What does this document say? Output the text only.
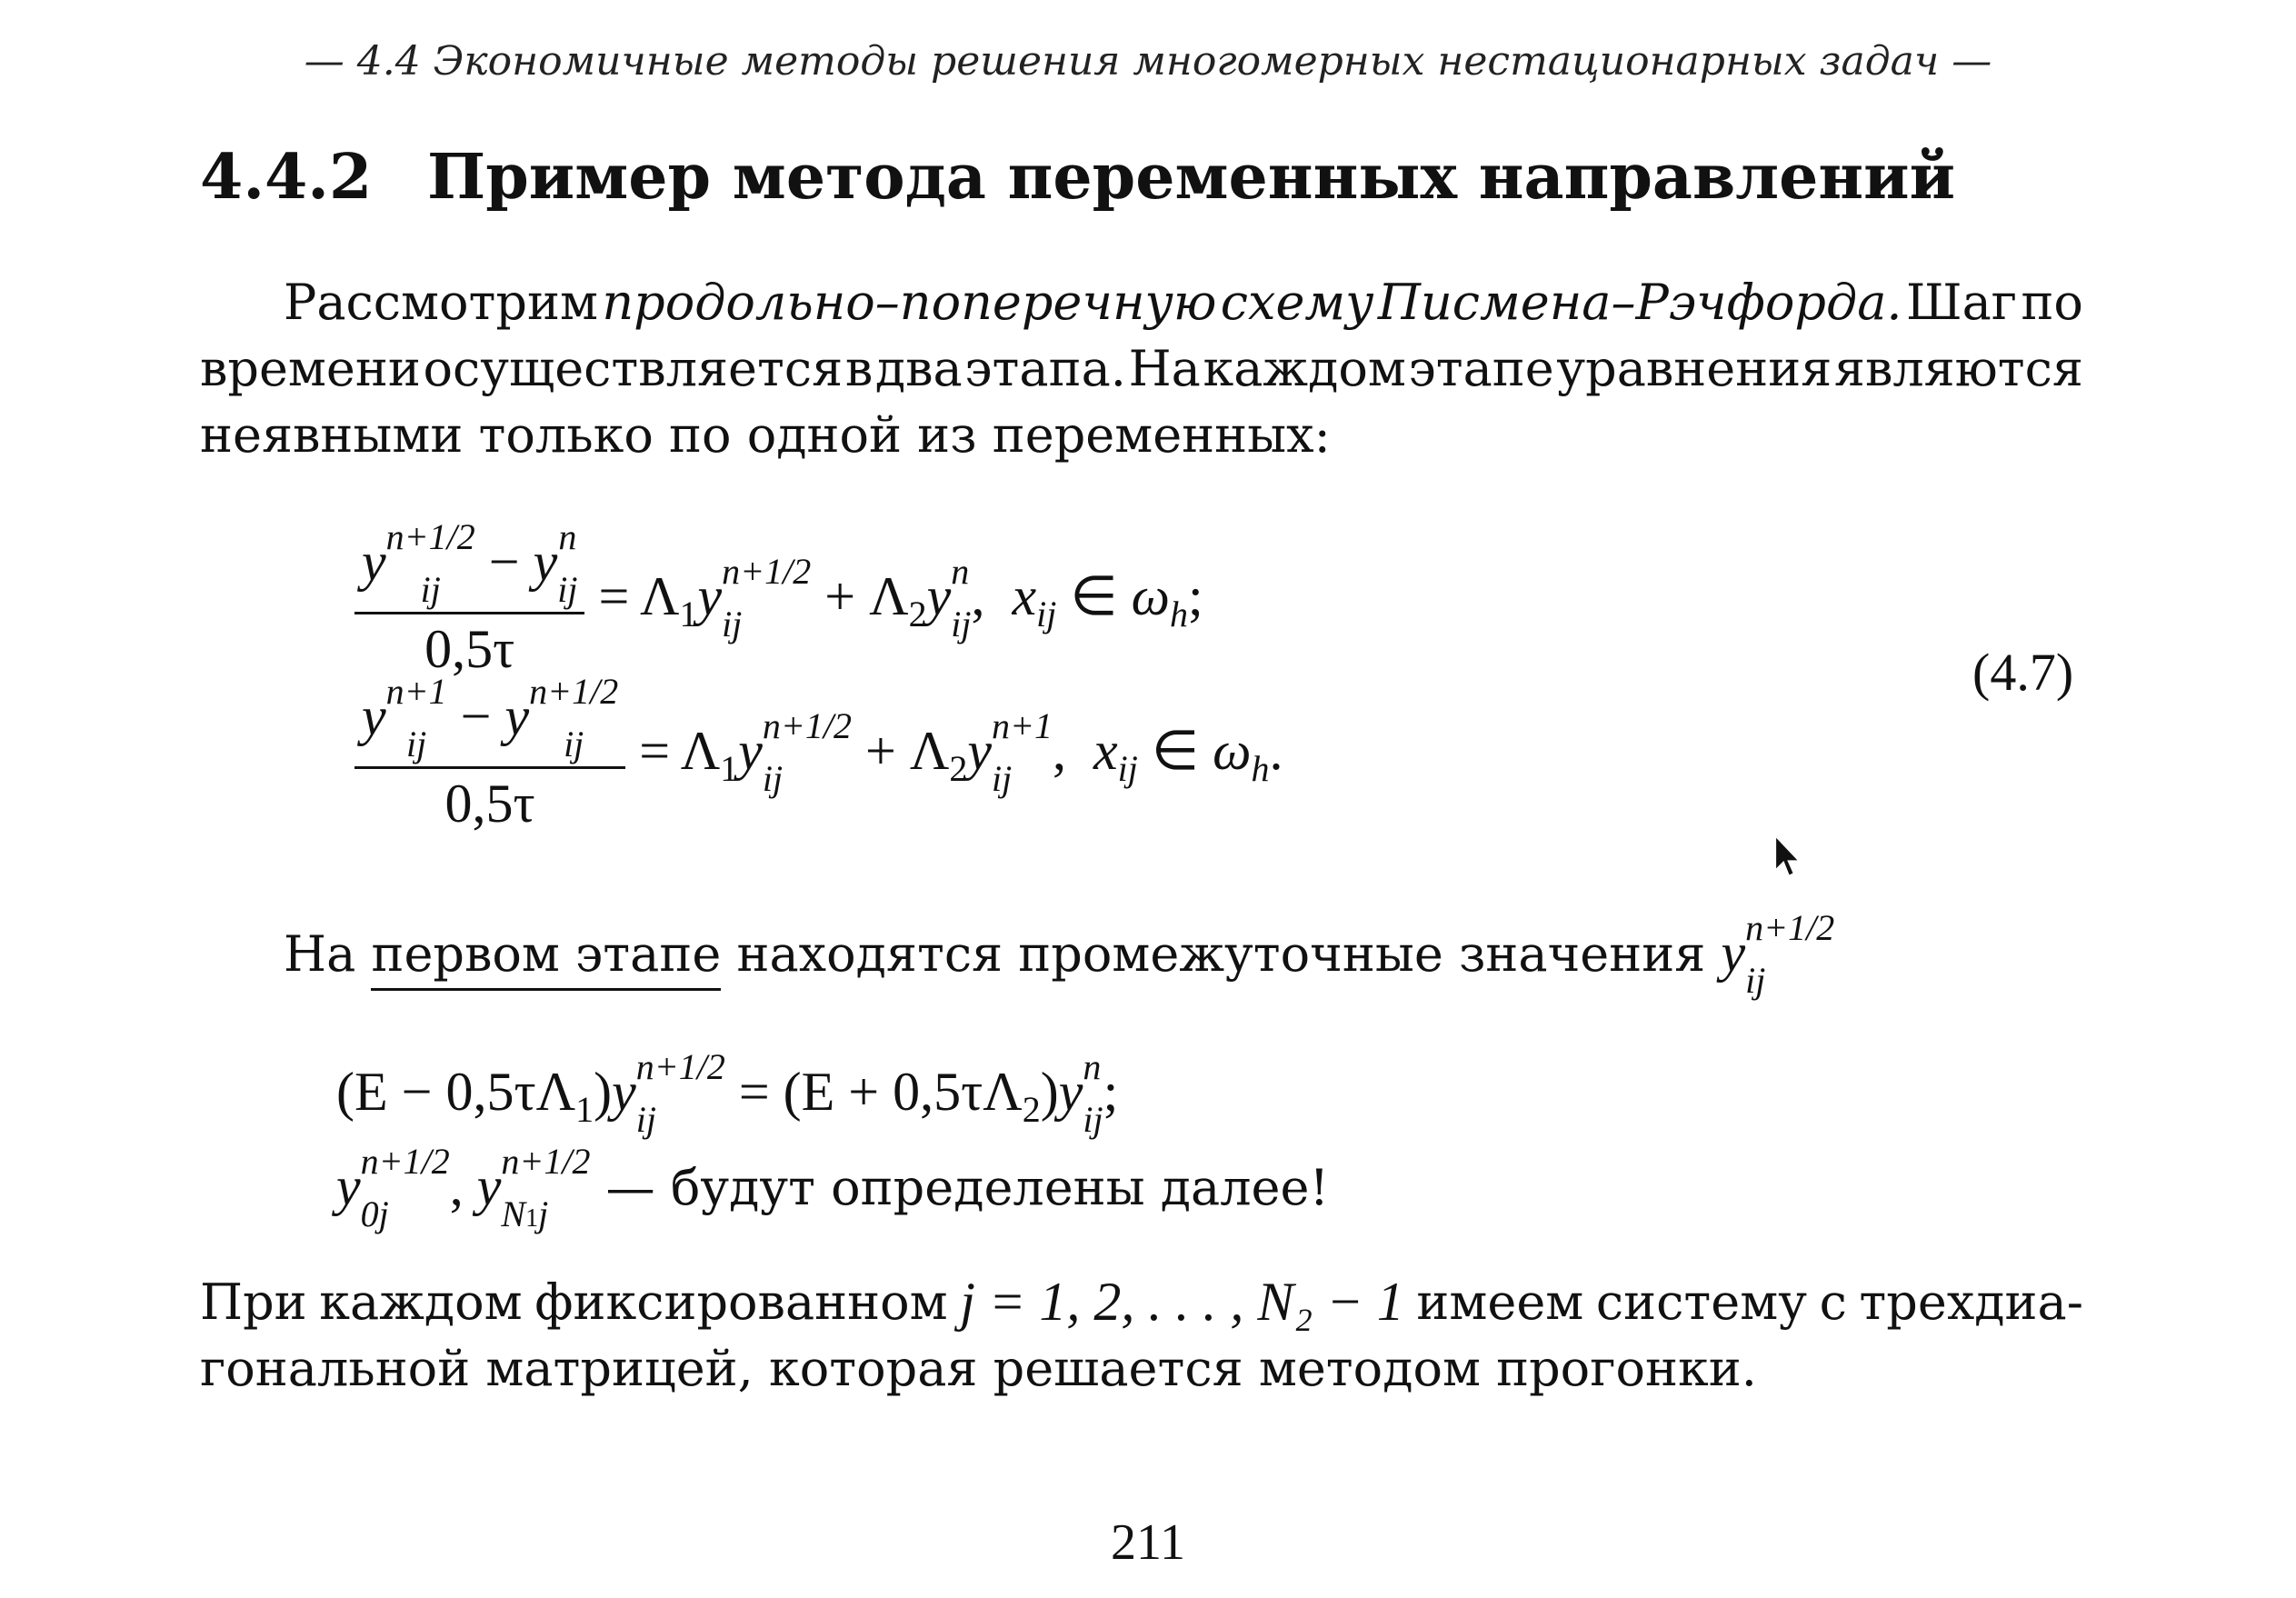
— 4.4 Экономичные методы решения многомерных нестационарных задач —
4.4.2 Пример метода переменных направлений
Рассмотрим продольно–поперечную схему Писмена–Рэчфорда. Шаг по
времени осуществляется в два этапа. На каждом этапе уравнения являются
неявными только по одной из переменных:
y n+1/2
ij − y n
ij
$0,5\tau = \Lambda_1y$ n+1/2
ij	+ $\Lambda_2y$ n
ij ,  $x_{ij}$ ∈ $\omega_h$;
y n+1
ij − y n+1/2
ij
$0,5\tau = \Lambda_1y$ n+1/2
ij	+ $\Lambda_2y$ n+1
ij ,  $x_{ij}$ ∈ $\omega_h$.
(4.7)
На первом этапе находятся промежуточные значения y n+1/2
ij
$(E - 0,5\tau\Lambda_1)y$ n+1/2
ij	= $(E + 0,5\tau\Lambda_2)y$ n
ij ;
y n+1/2
0j	, y n+1/2
N1j — будут определены далее!
При каждом фиксированном j = 1, 2, . . . , N₂ − 1 имеем систему с трехдиа-
гональной матрицей, которая решается методом прогонки.
211
